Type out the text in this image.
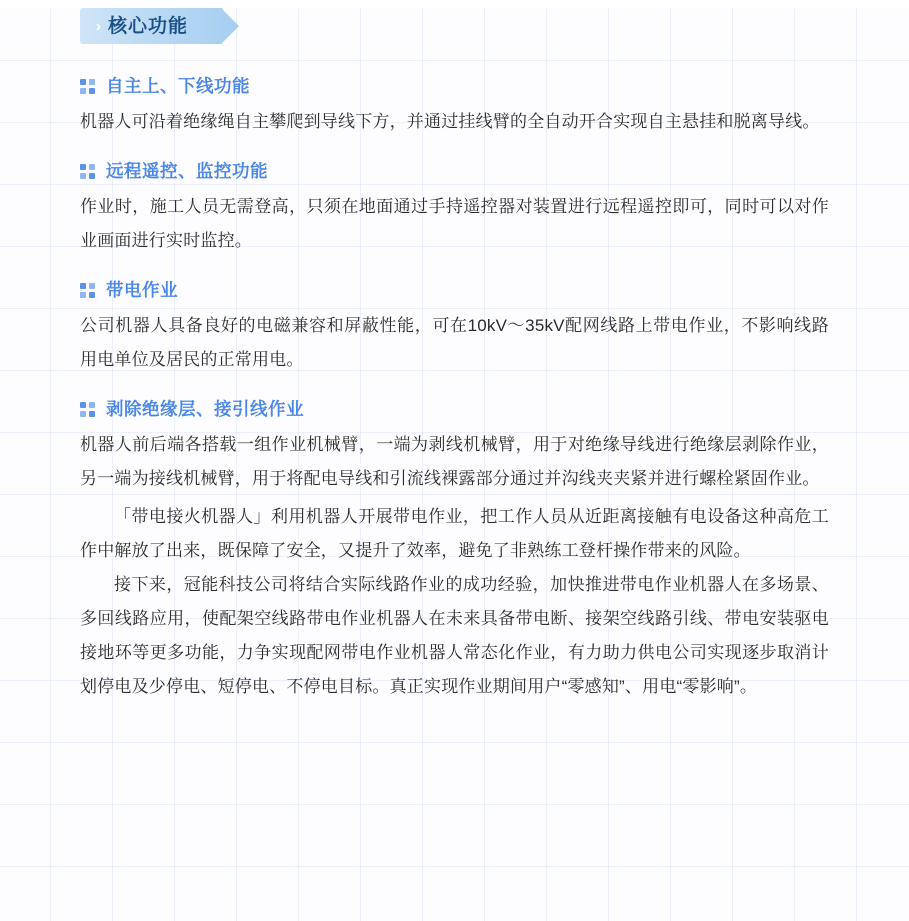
› 核心功能
自主上、下线功能

机器人可沿着绝缘绳自主攀爬到导线下方，并通过挂线臂的全自动开合实现自主悬挂和脱离导线。

远程遥控、监控功能

作业时，施工人员无需登高，只须在地面通过手持遥控器对装置进行远程遥控即可，同时可以对作业画面进行实时监控。

带电作业

公司机器人具备良好的电磁兼容和屏蔽性能，可在10kV～35kV配网线路上带电作业，不影响线路用电单位及居民的正常用电。

剥除绝缘层、接引线作业

机器人前后端各搭载一组作业机械臂，一端为剥线机械臂，用于对绝缘导线进行绝缘层剥除作业，另一端为接线机械臂，用于将配电导线和引流线裸露部分通过并沟线夹夹紧并进行螺栓紧固作业。

「带电接火机器人」利用机器人开展带电作业，把工作人员从近距离接触有电设备这种高危工作中解放了出来，既保障了安全，又提升了效率，避免了非熟练工登杆操作带来的风险。

接下来，冠能科技公司将结合实际线路作业的成功经验，加快推进带电作业机器人在多场景、多回线路应用，使配架空线路带电作业机器人在未来具备带电断、接架空线路引线、带电安装驱电接地环等更多功能，力争实现配网带电作业机器人常态化作业，有力助力供电公司实现逐步取消计划停电及少停电、短停电、不停电目标。真正实现作业期间用户“零感知”、用电“零影响”。
